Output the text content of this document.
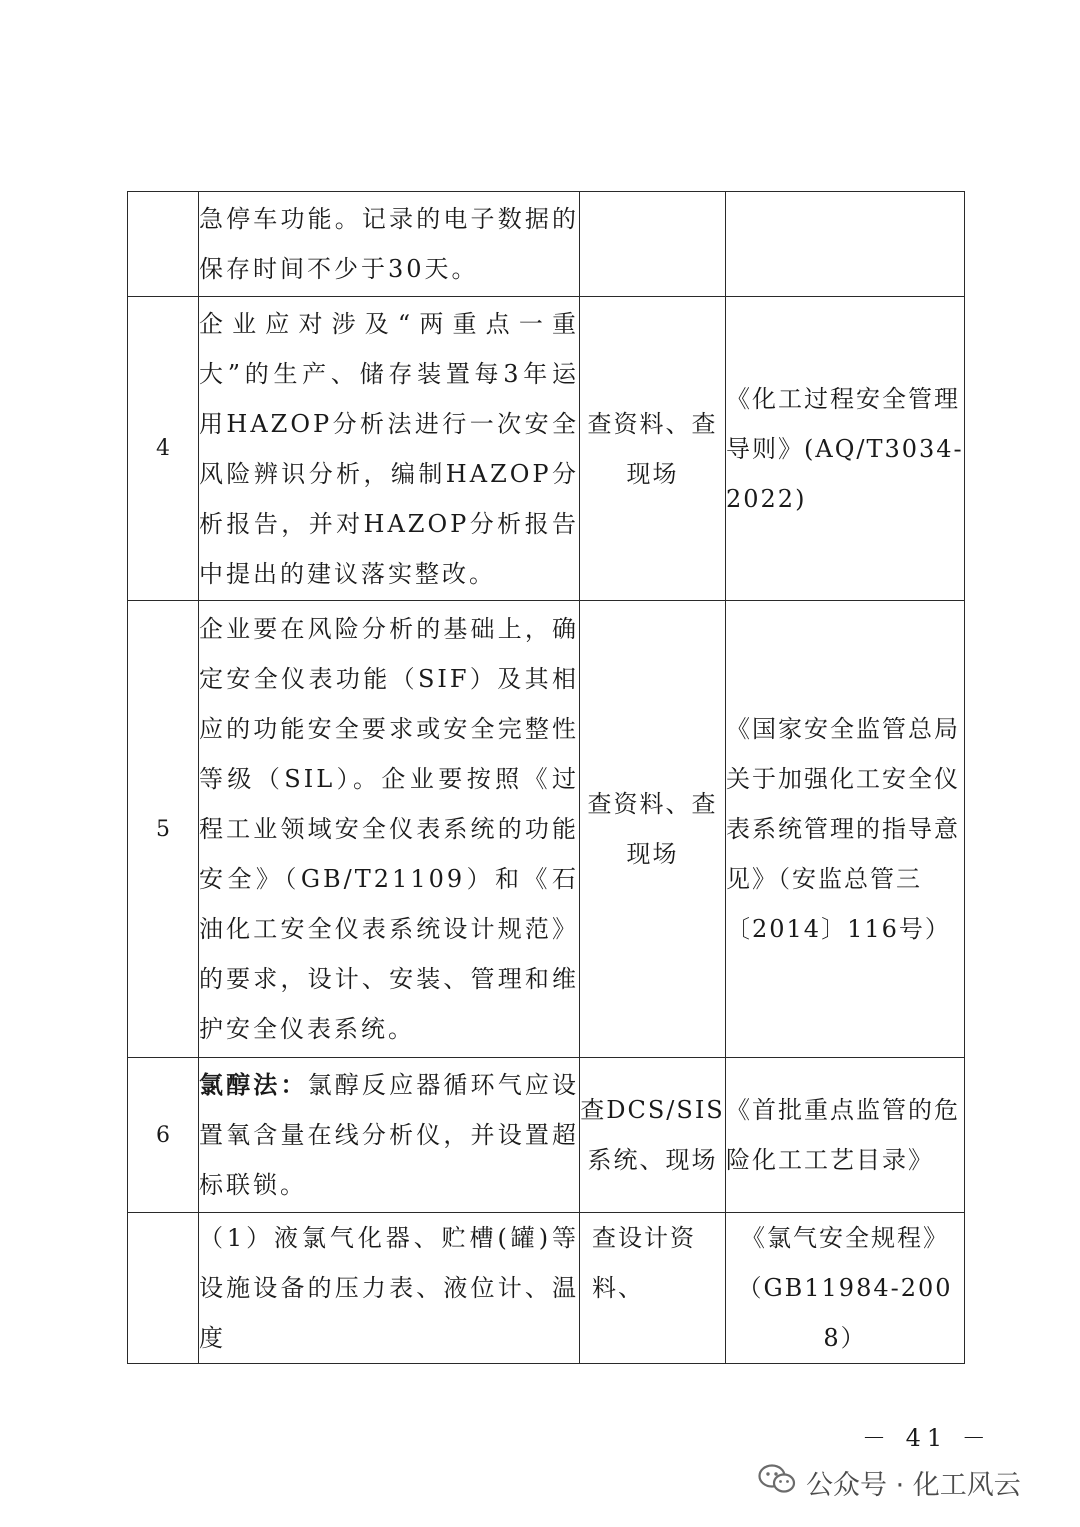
	急停车功能。记录的电子数据的保存时间不少于30天。		
4	企业应对涉及“两重点一重大”的生产、储存装置每3年运用HAZOP分析法进行一次安全风险辨识分析，编制HAZOP分析报告，并对HAZOP分析报告中提出的建议落实整改。	查资料、查现场	《化工过程安全管理导则》(AQ/T3034-2022)
5	企业要在风险分析的基础上，确定安全仪表功能（SIF）及其相应的功能安全要求或安全完整性等级（SIL）。企业要按照《过程工业领域安全仪表系统的功能安全》（GB/T21109）和《石油化工安全仪表系统设计规范》的要求，设计、安装、管理和维护安全仪表系统。	查资料、查现场	《国家安全监管总局关于加强化工安全仪表系统管理的指导意见》（安监总管三〔2014〕116号）
6	氯醇法：氯醇反应器循环气应设置氧含量在线分析仪，并设置超标联锁。	查DCS/SIS系统、现场	《首批重点监管的危险化工工艺目录》
	（1）液氯气化器、贮槽(罐)等设施设备的压力表、液位计、温度	查设计资料、	《氯气安全规程》（GB11984-2008）
－ 41 －
公众号 · 化工风云
